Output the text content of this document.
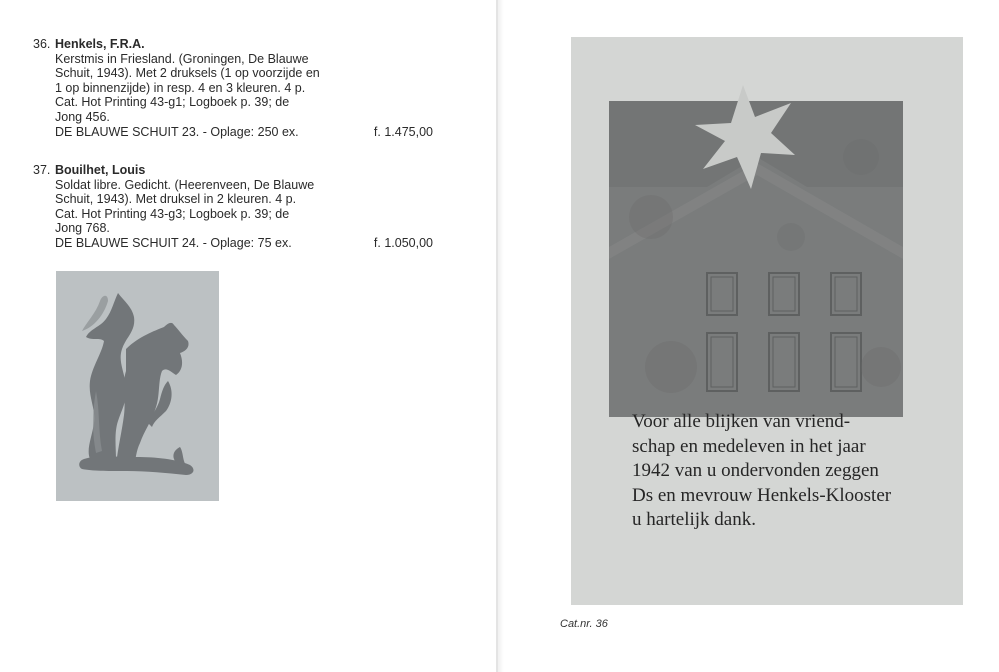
36. Henkels, F.R.A.
Kerstmis in Friesland. (Groningen, De Blauwe
Schuit, 1943). Met 2 druksels (1 op voorzijde en
1 op binnenzijde) in resp. 4 en 3 kleuren. 4 p.
Cat. Hot Printing 43-g1; Logboek p. 39; de
Jong 456.
DE BLAUWE SCHUIT 23. - Oplage: 250 ex.	f. 1.475,00
37. Bouilhet, Louis
Soldat libre. Gedicht. (Heerenveen, De Blauwe
Schuit, 1943). Met druksel in 2 kleuren. 4 p.
Cat. Hot Printing 43-g3; Logboek p. 39; de
Jong 768.
DE BLAUWE SCHUIT 24. - Oplage: 75 ex.	f. 1.050,00
Voor alle blijken van vriend-
schap en medeleven in het jaar
1942 van u ondervonden zeggen
Ds en mevrouw Henkels-Klooster
u hartelijk dank.
Cat.nr. 36
